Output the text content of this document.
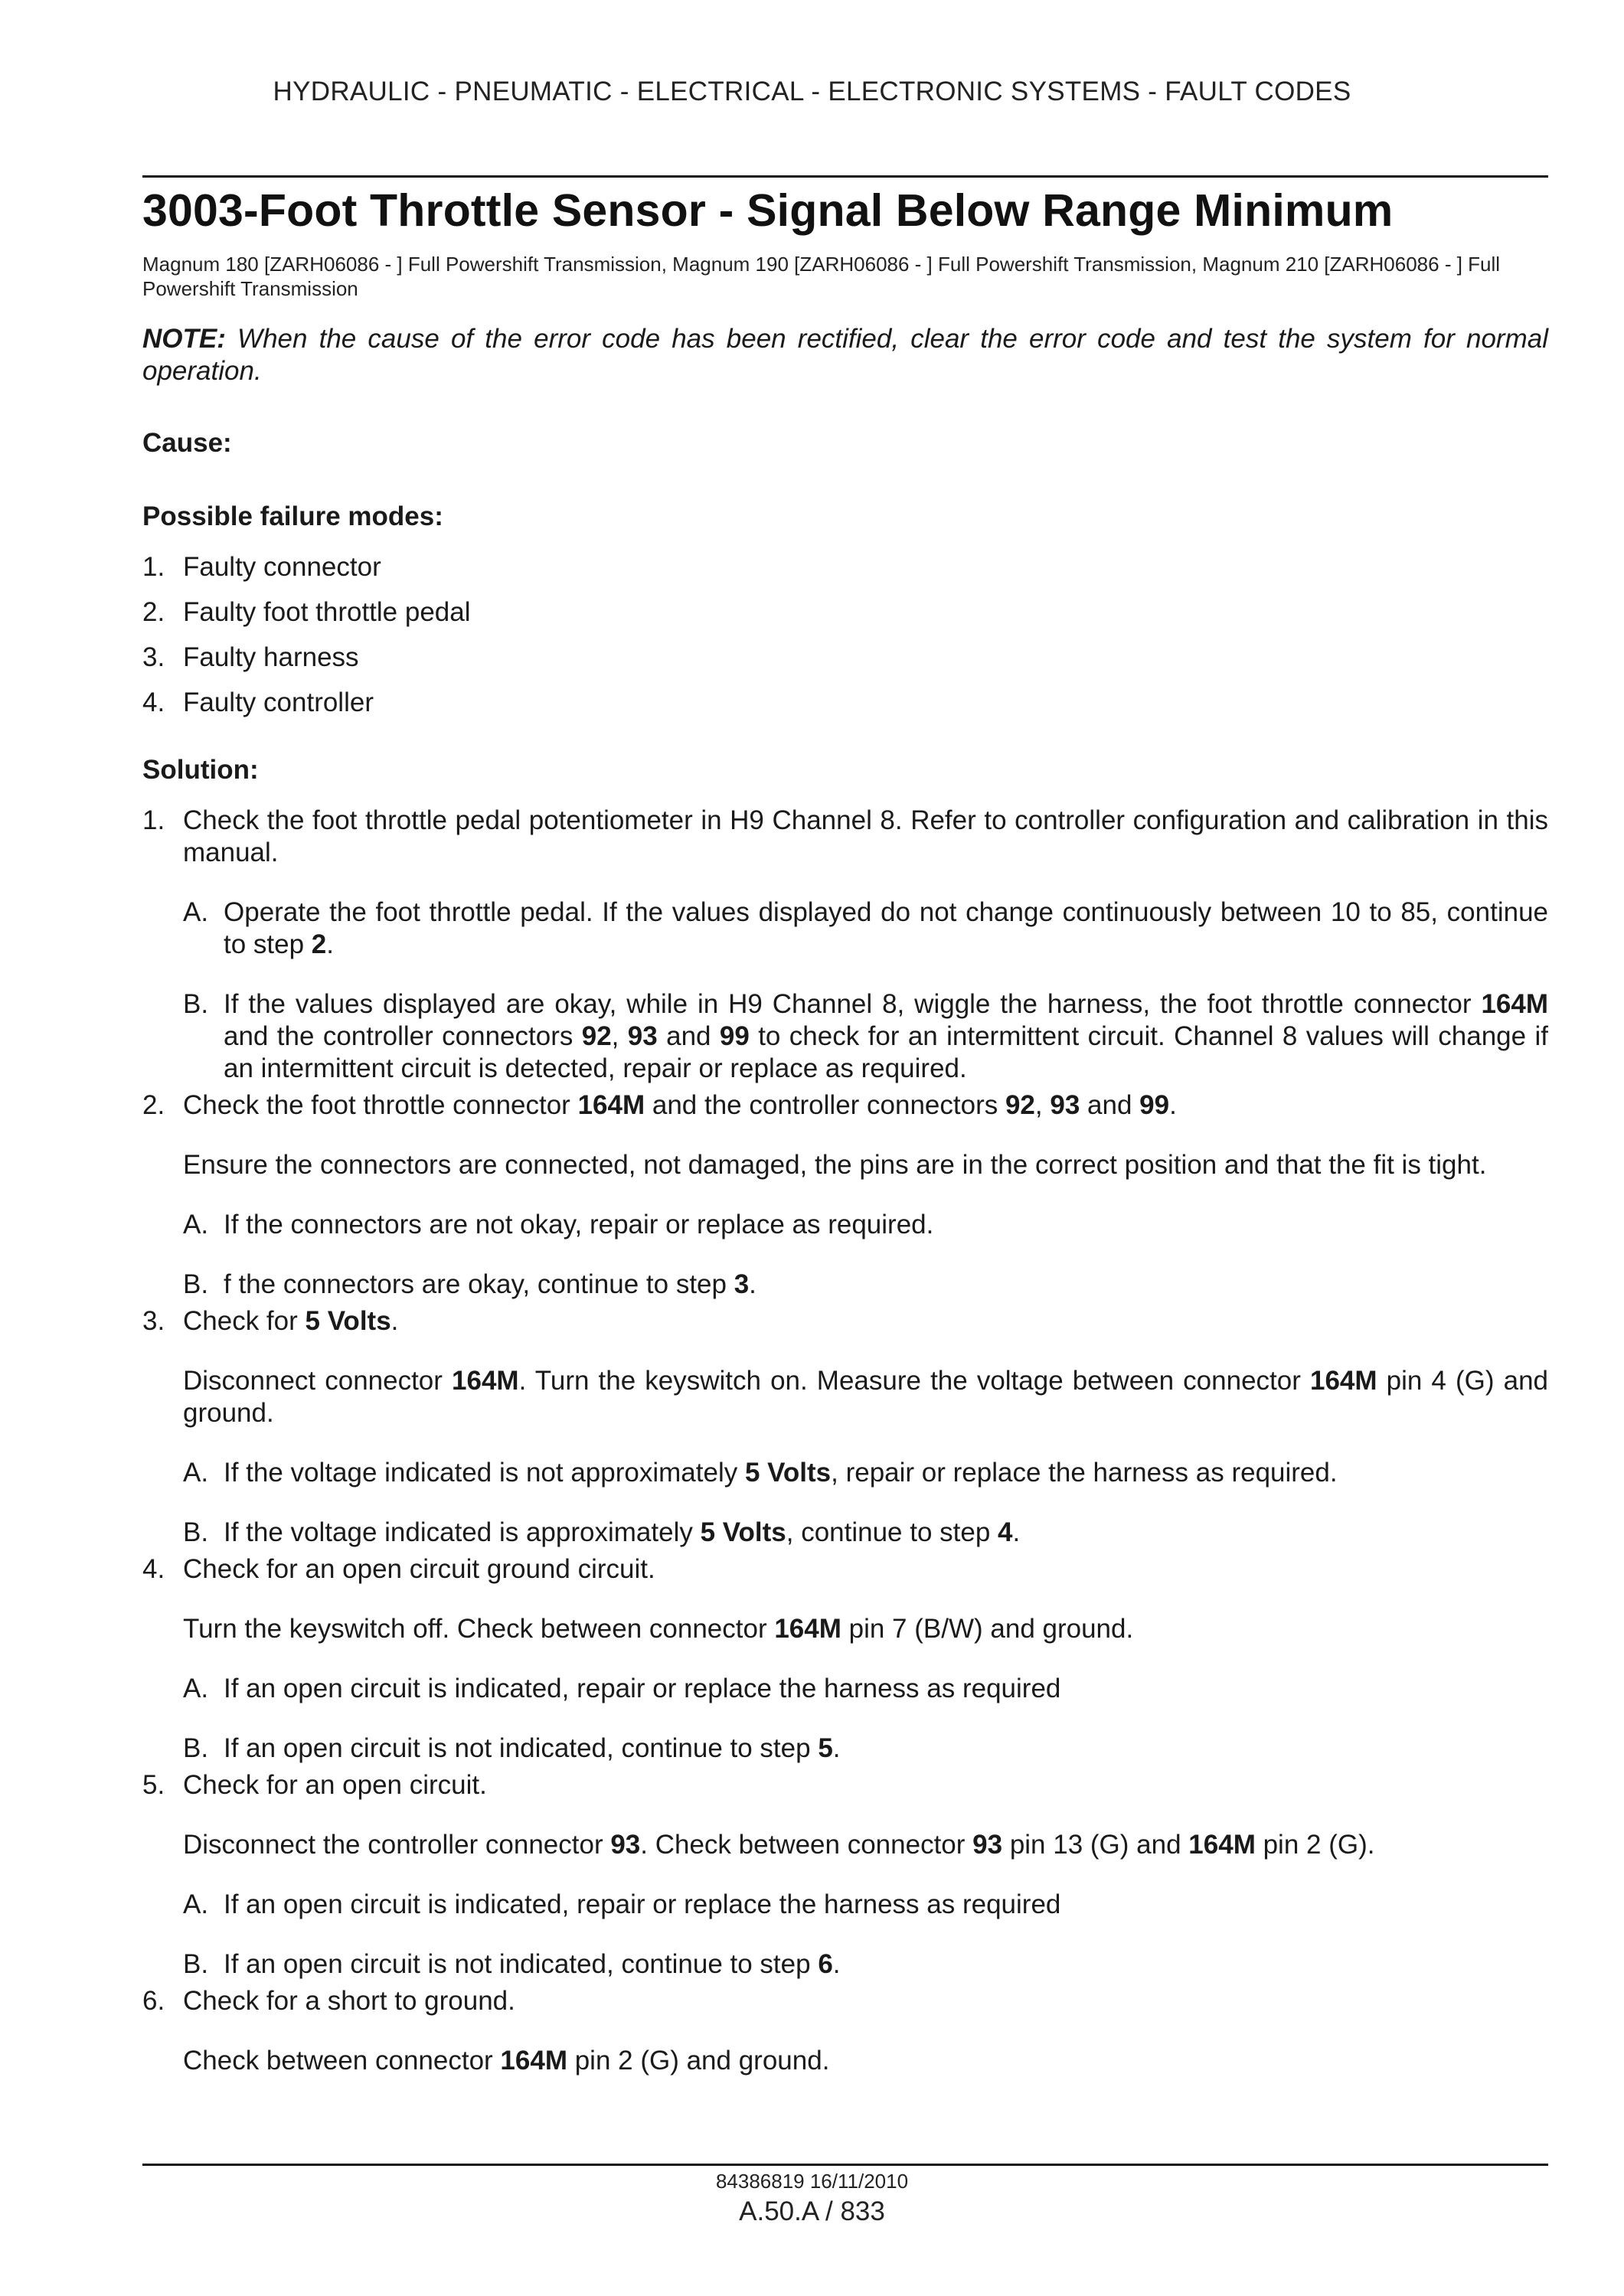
HYDRAULIC - PNEUMATIC - ELECTRICAL - ELECTRONIC SYSTEMS - FAULT CODES
3003-Foot Throttle Sensor - Signal Below Range Minimum
Magnum 180 [ZARH06086 - ] Full Powershift Transmission, Magnum 190 [ZARH06086 - ] Full Powershift Transmission, Magnum 210 [ZARH06086 - ] Full Powershift Transmission
NOTE: When the cause of the error code has been rectified, clear the error code and test the system for normal operation.
Cause:
Possible failure modes:
1. Faulty connector
2. Faulty foot throttle pedal
3. Faulty harness
4. Faulty controller
Solution:
1. Check the foot throttle pedal potentiometer in H9 Channel 8. Refer to controller configuration and calibration in this manual.
A. Operate the foot throttle pedal. If the values displayed do not change continuously between 10 to 85, continue to step 2.
B. If the values displayed are okay, while in H9 Channel 8, wiggle the harness, the foot throttle connector 164M and the controller connectors 92, 93 and 99 to check for an intermittent circuit. Channel 8 values will change if an intermittent circuit is detected, repair or replace as required.
2. Check the foot throttle connector 164M and the controller connectors 92, 93 and 99.
Ensure the connectors are connected, not damaged, the pins are in the correct position and that the fit is tight.
A. If the connectors are not okay, repair or replace as required.
B. f the connectors are okay, continue to step 3.
3. Check for 5 Volts.
Disconnect connector 164M. Turn the keyswitch on. Measure the voltage between connector 164M pin 4 (G) and ground.
A. If the voltage indicated is not approximately 5 Volts, repair or replace the harness as required.
B. If the voltage indicated is approximately 5 Volts, continue to step 4.
4. Check for an open circuit ground circuit.
Turn the keyswitch off. Check between connector 164M pin 7 (B/W) and ground.
A. If an open circuit is indicated, repair or replace the harness as required
B. If an open circuit is not indicated, continue to step 5.
5. Check for an open circuit.
Disconnect the controller connector 93. Check between connector 93 pin 13 (G) and 164M pin 2 (G).
A. If an open circuit is indicated, repair or replace the harness as required
B. If an open circuit is not indicated, continue to step 6.
6. Check for a short to ground.
Check between connector 164M pin 2 (G) and ground.
84386819 16/11/2010
A.50.A / 833
